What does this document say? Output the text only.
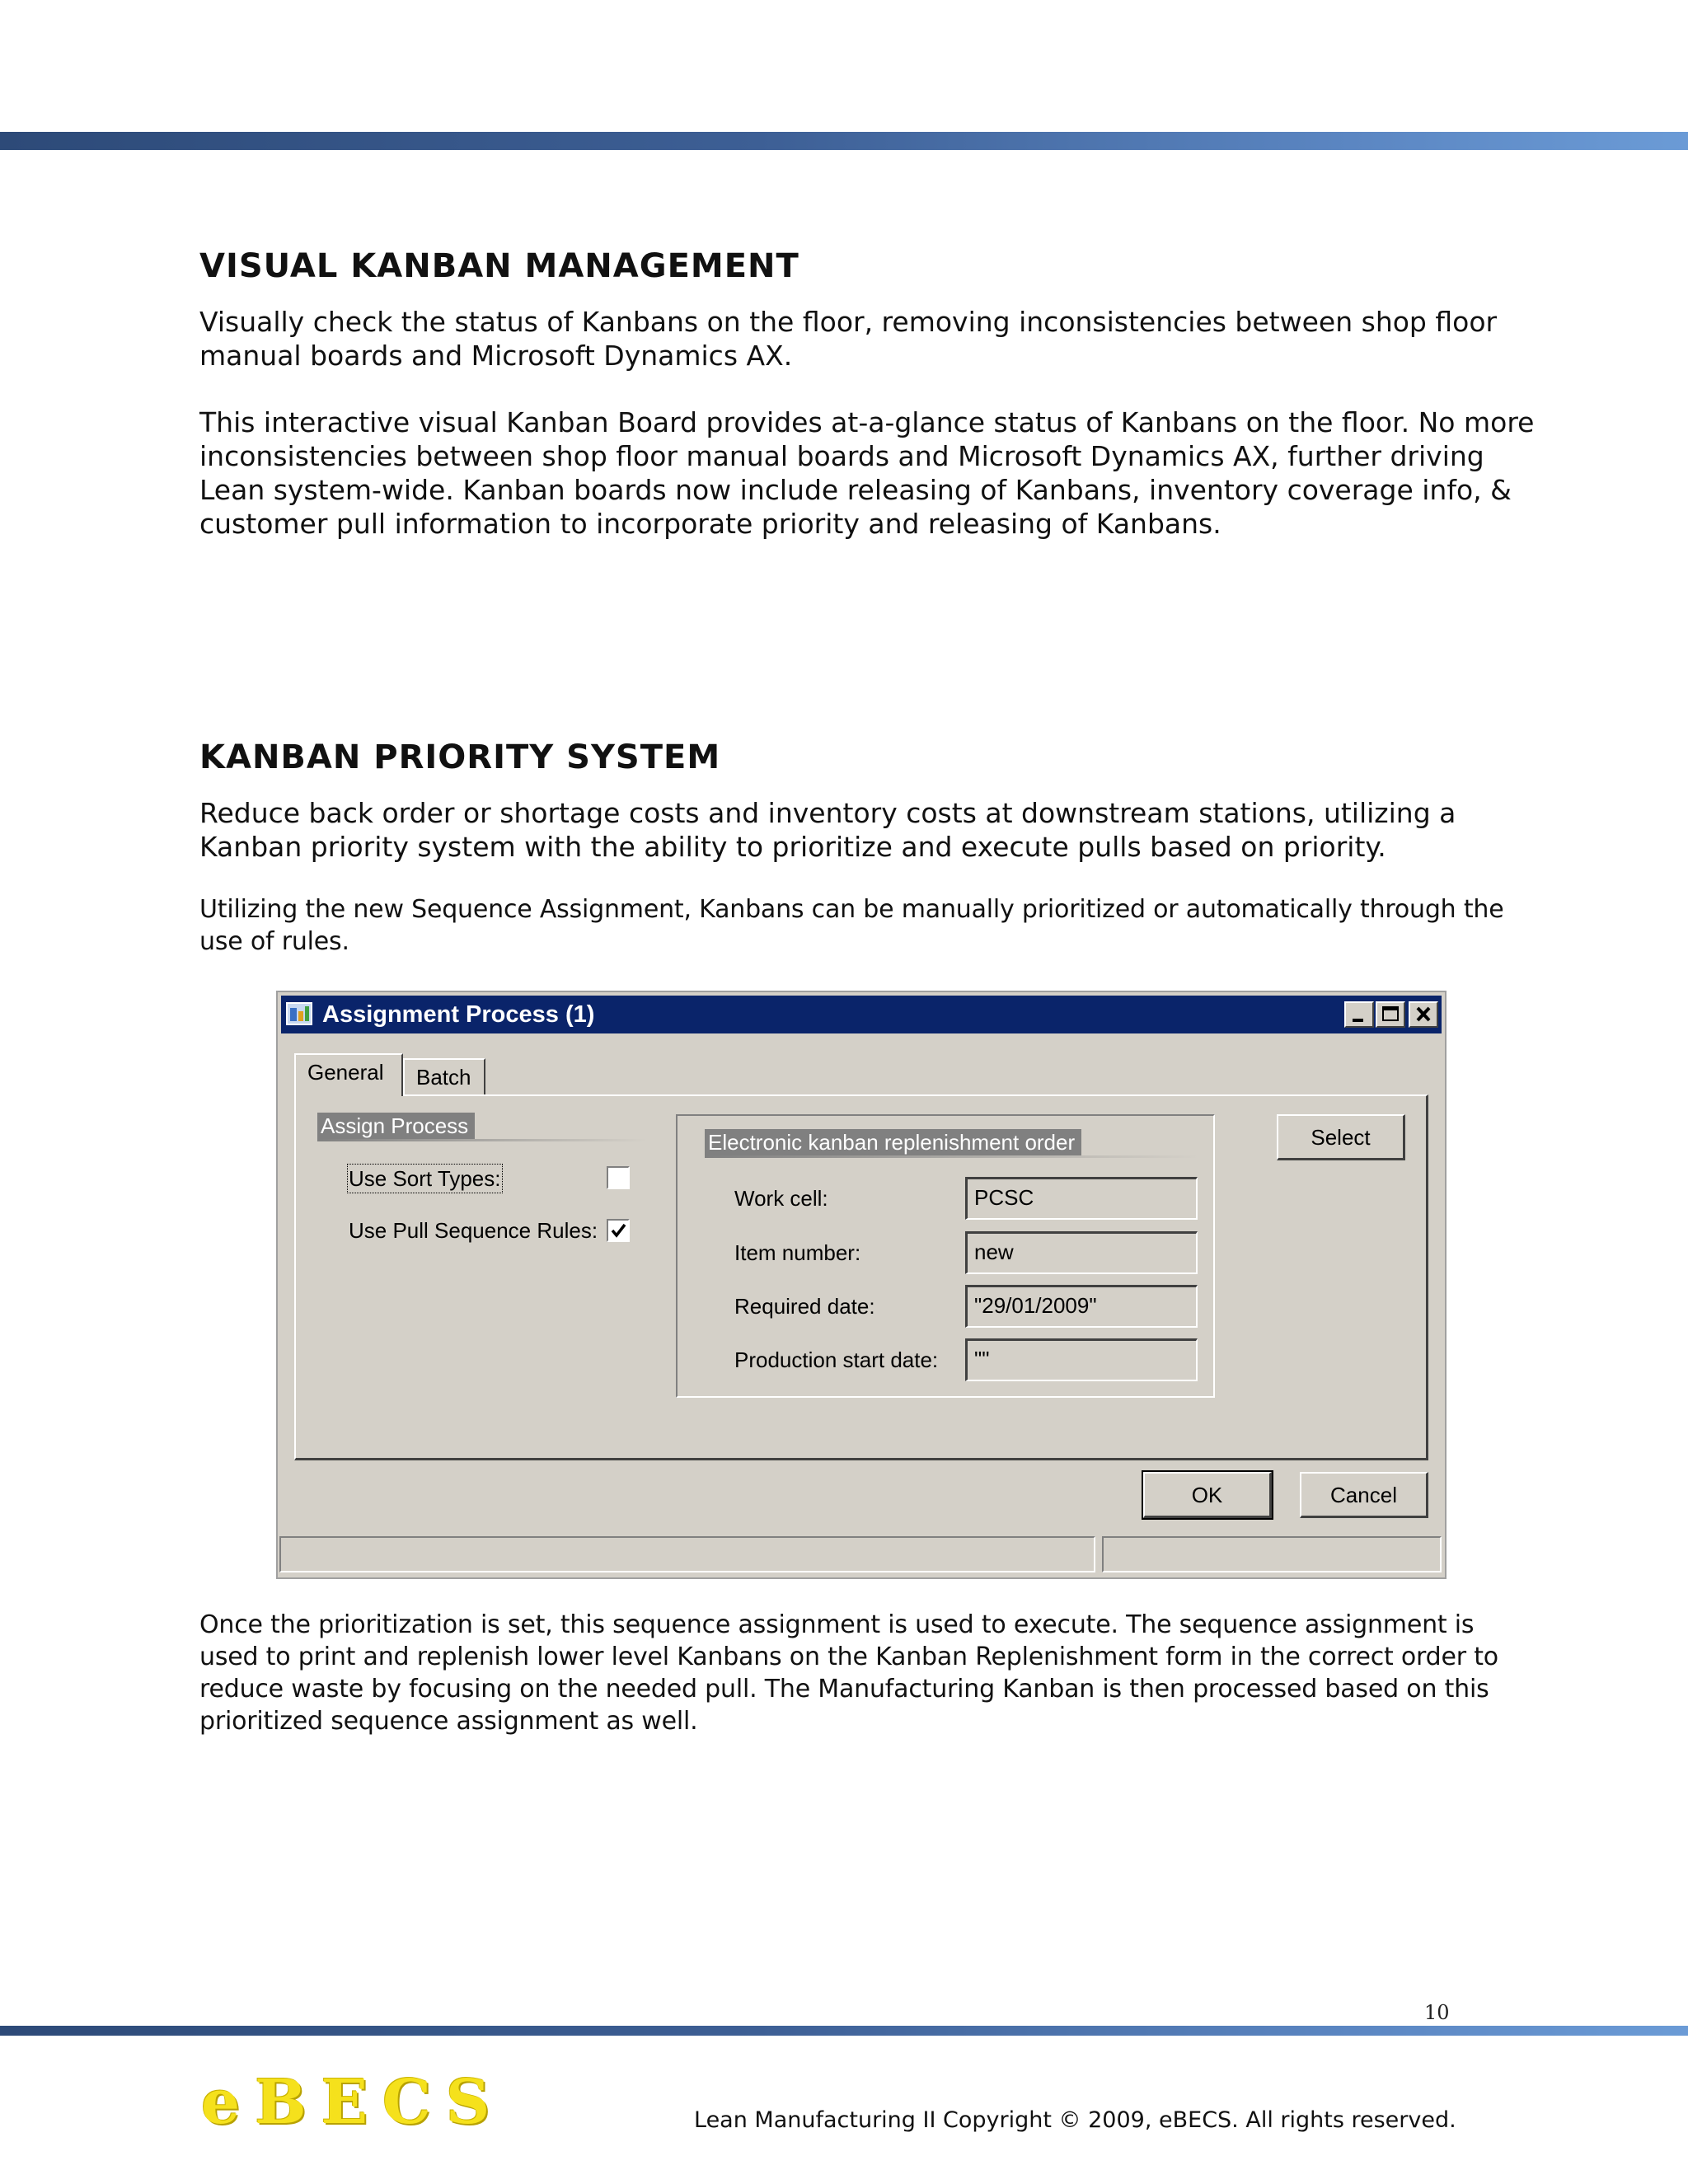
VISUAL KANBAN MANAGEMENT

Visually check the status of Kanbans on the floor, removing inconsistencies between shop floor manual boards and Microsoft Dynamics AX.

This interactive visual Kanban Board provides at-a-glance status of Kanbans on the floor. No more inconsistencies between shop floor manual boards and Microsoft Dynamics AX, further driving Lean system-wide. Kanban boards now include releasing of Kanbans, inventory coverage info, & customer pull information to incorporate priority and releasing of Kanbans.

KANBAN PRIORITY SYSTEM

Reduce back order or shortage costs and inventory costs at downstream stations, utilizing a Kanban priority system with the ability to prioritize and execute pulls based on priority.

Utilizing the new Sequence Assignment, Kanbans can be manually prioritized or automatically through the use of rules.

Assignment Process (1)
General	Batch
Assign Process
Use Sort Types:
Use Pull Sequence Rules:
Electronic kanban replenishment order
Work cell:	PCSC
Item number:	new
Required date:	"29/01/2009"
Production start date:	""
Select
OK	Cancel

Once the prioritization is set, this sequence assignment is used to execute. The sequence assignment is used to print and replenish lower level Kanbans on the Kanban Replenishment form in the correct order to reduce waste by focusing on the needed pull. The Manufacturing Kanban is then processed based on this prioritized sequence assignment as well.

10
eBECS	Lean Manufacturing II Copyright © 2009, eBECS. All rights reserved.
